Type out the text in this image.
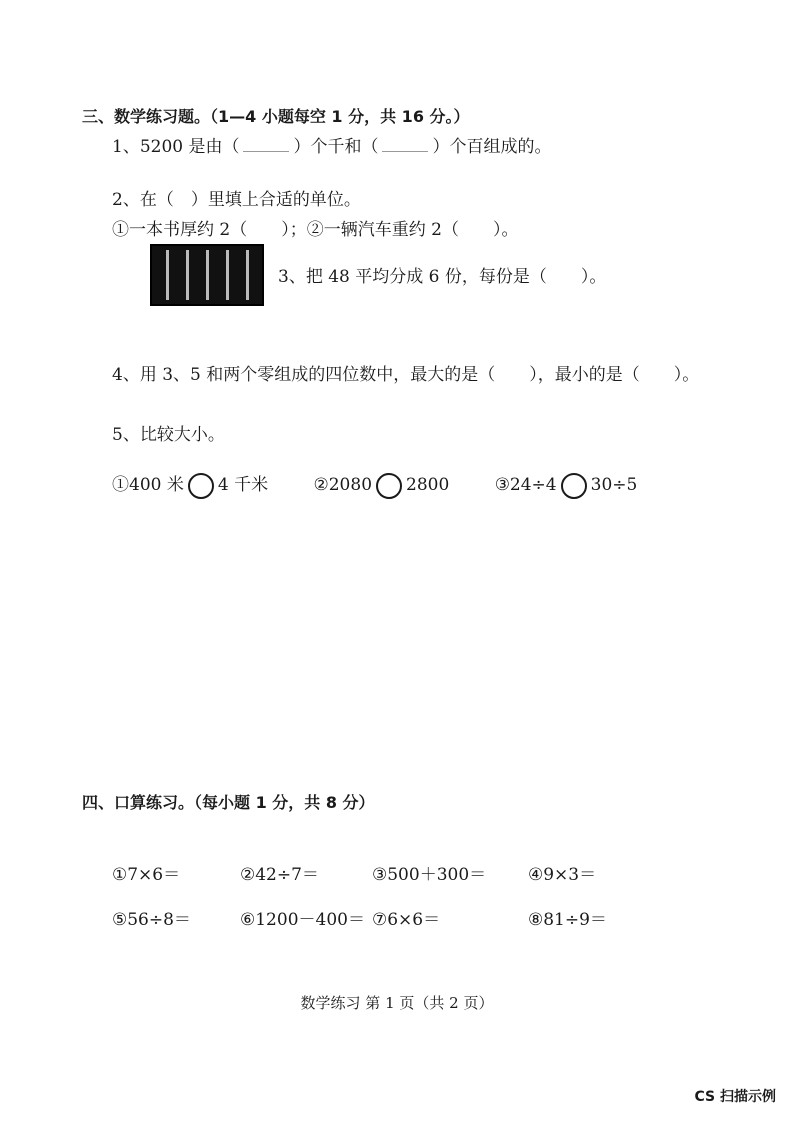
三、数学练习题。（1—4 小题每空 1 分，共 16 分。）
1、5200 是由（	）个千和（	）个百组成的。
2、在（　）里填上合适的单位。
①一本书厚约 2（　　）；②一辆汽车重约 2（　　）。
3、把 48 平均分成 6 份，每份是（　　）。
4、用 3、5 和两个零组成的四位数中，最大的是（　　），最小的是（　　）。
5、比较大小。
①400 米 4 千米	②2080 2800	③24÷4 30÷5
四、口算练习。（每小题 1 分，共 8 分）
①7×6＝	②42÷7＝	③500＋300＝ ④9×3＝
⑤56÷8＝	⑥1200－400＝ ⑦6×6＝	⑧81÷9＝
数学练习 第 1 页（共 2 页）
CS 扫描示例
